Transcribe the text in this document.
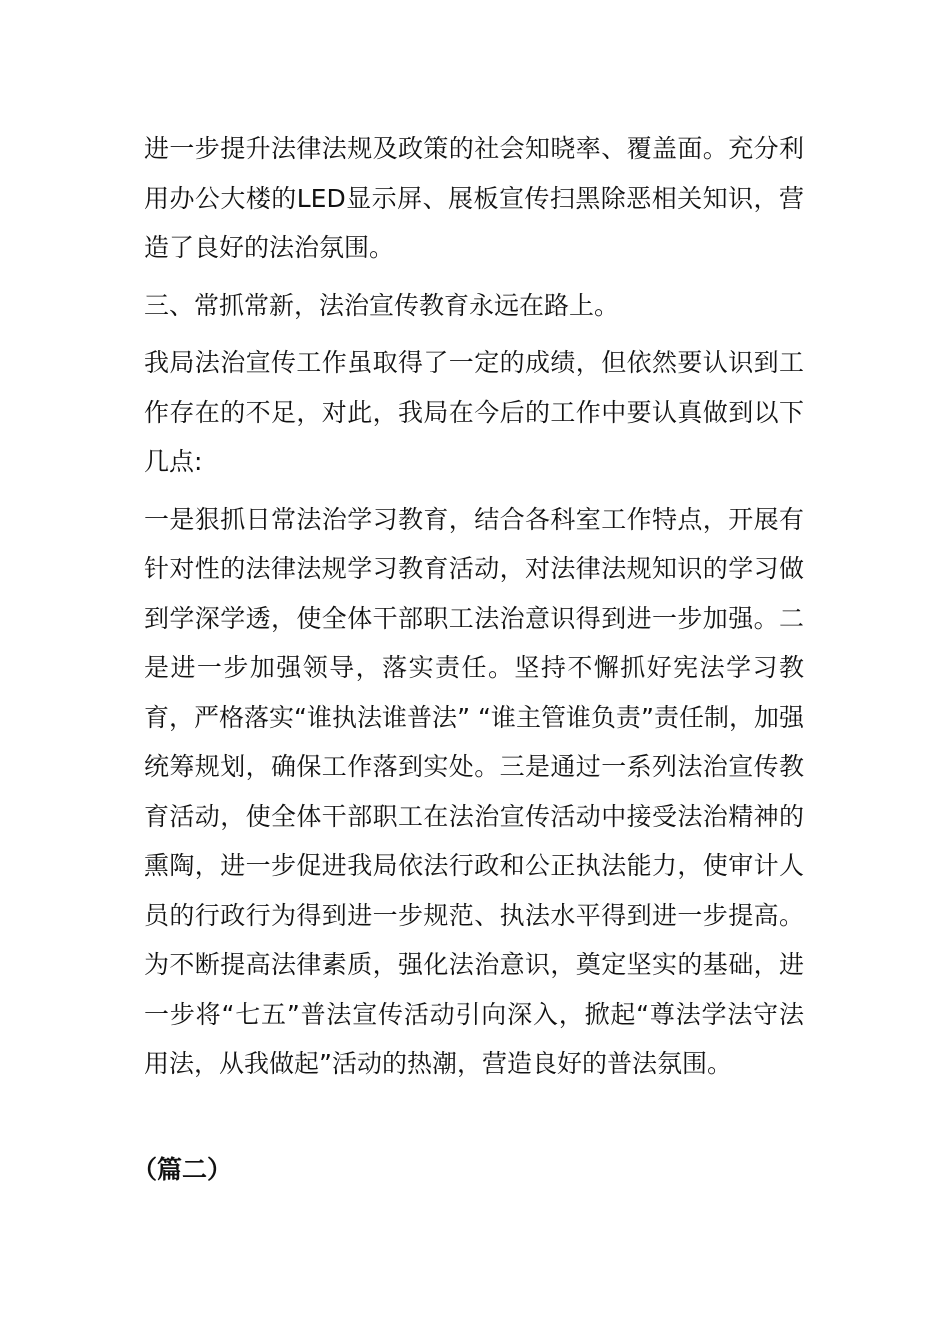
进一步提升法律法规及政策的社会知晓率、覆盖面。充分利用办公大楼的LED显示屏、展板宣传扫黑除恶相关知识，营造了良好的法治氛围。

三、常抓常新，法治宣传教育永远在路上。

我局法治宣传工作虽取得了一定的成绩，但依然要认识到工作存在的不足，对此，我局在今后的工作中要认真做到以下几点:

一是狠抓日常法治学习教育，结合各科室工作特点，开展有针对性的法律法规学习教育活动，对法律法规知识的学习做到学深学透，使全体干部职工法治意识得到进一步加强。二是进一步加强领导，落实责任。坚持不懈抓好宪法学习教育，严格落实“谁执法谁普法” “谁主管谁负责”责任制，加强统筹规划，确保工作落到实处。三是通过一系列法治宣传教育活动，使全体干部职工在法治宣传活动中接受法治精神的熏陶，进一步促进我局依法行政和公正执法能力，使审计人员的行政行为得到进一步规范、执法水平得到进一步提高。为不断提高法律素质，强化法治意识，奠定坚实的基础，进一步将“七五”普法宣传活动引向深入，掀起“尊法学法守法用法，从我做起”活动的热潮，营造良好的普法氛围。

（篇二）
